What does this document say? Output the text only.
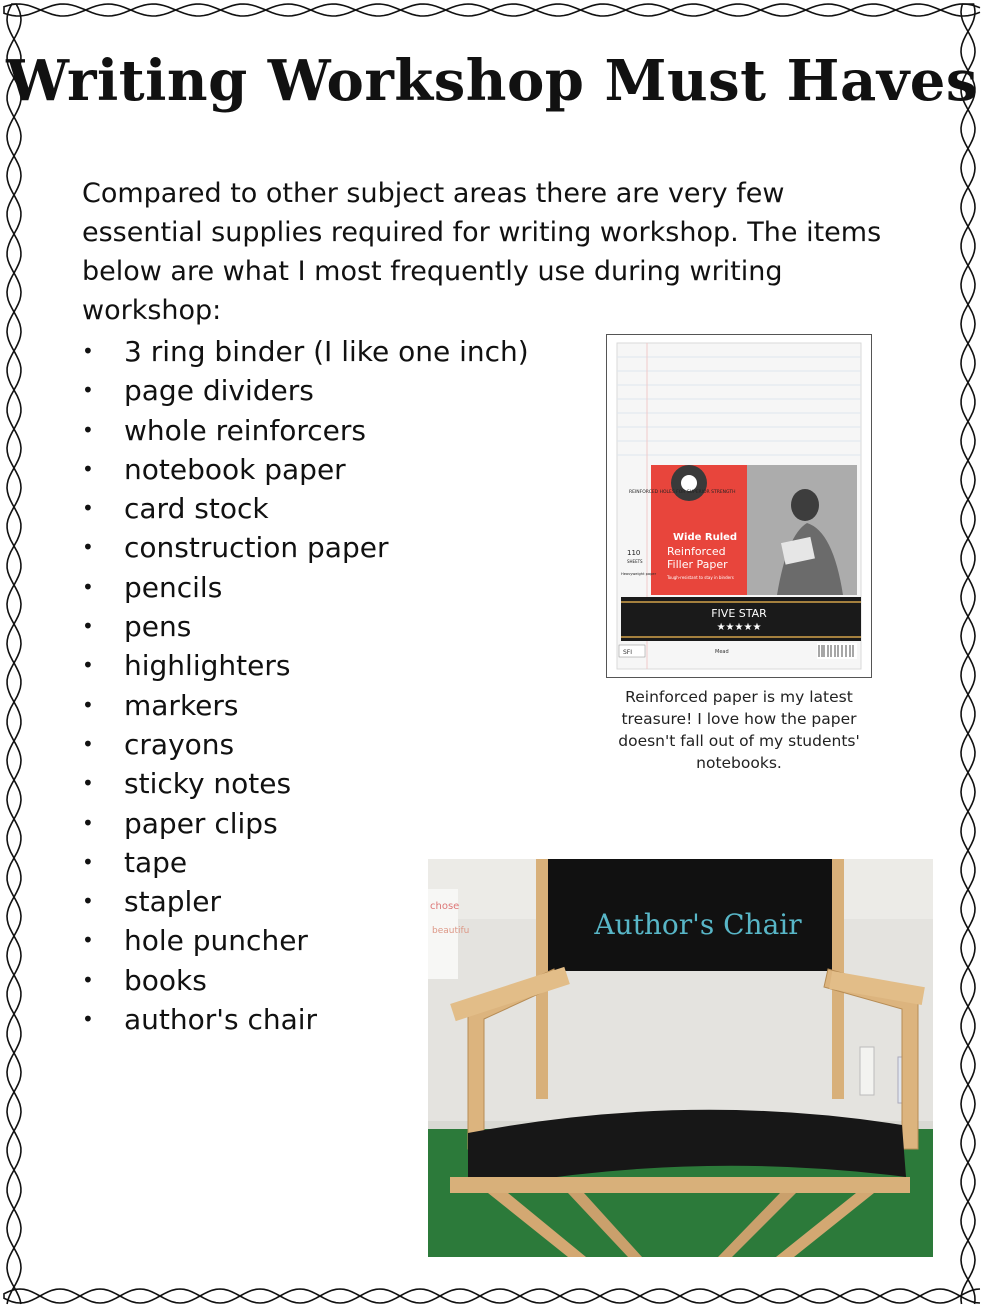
Writing Workshop Must Haves
Compared to other subject areas there are very few essential supplies required for writing workshop. The items below are what I most frequently use during writing workshop:
•	3 ring binder (I like one inch)
•	page dividers
•	whole reinforcers
•	notebook paper
•	card stock
•	construction paper
•	pencils
•	pens
•	highlighters
•	markers
•	crayons
•	sticky notes
•	paper clips
•	tape
•	stapler
•	hole puncher
•	books
•	author's chair
REINFORCED HOLES FOR SUPERIOR STRENGTH
Wide Ruled
Reinforced
Filler Paper
110
SHEETS
Heavyweight paper
Tough-resistant to stay in binders
FIVE STAR
★★★★★
SFI	Mead
Reinforced paper is my latest treasure! I love how the paper doesn't fall out of my students' notebooks.
chose
beautifu	Author's Chair
